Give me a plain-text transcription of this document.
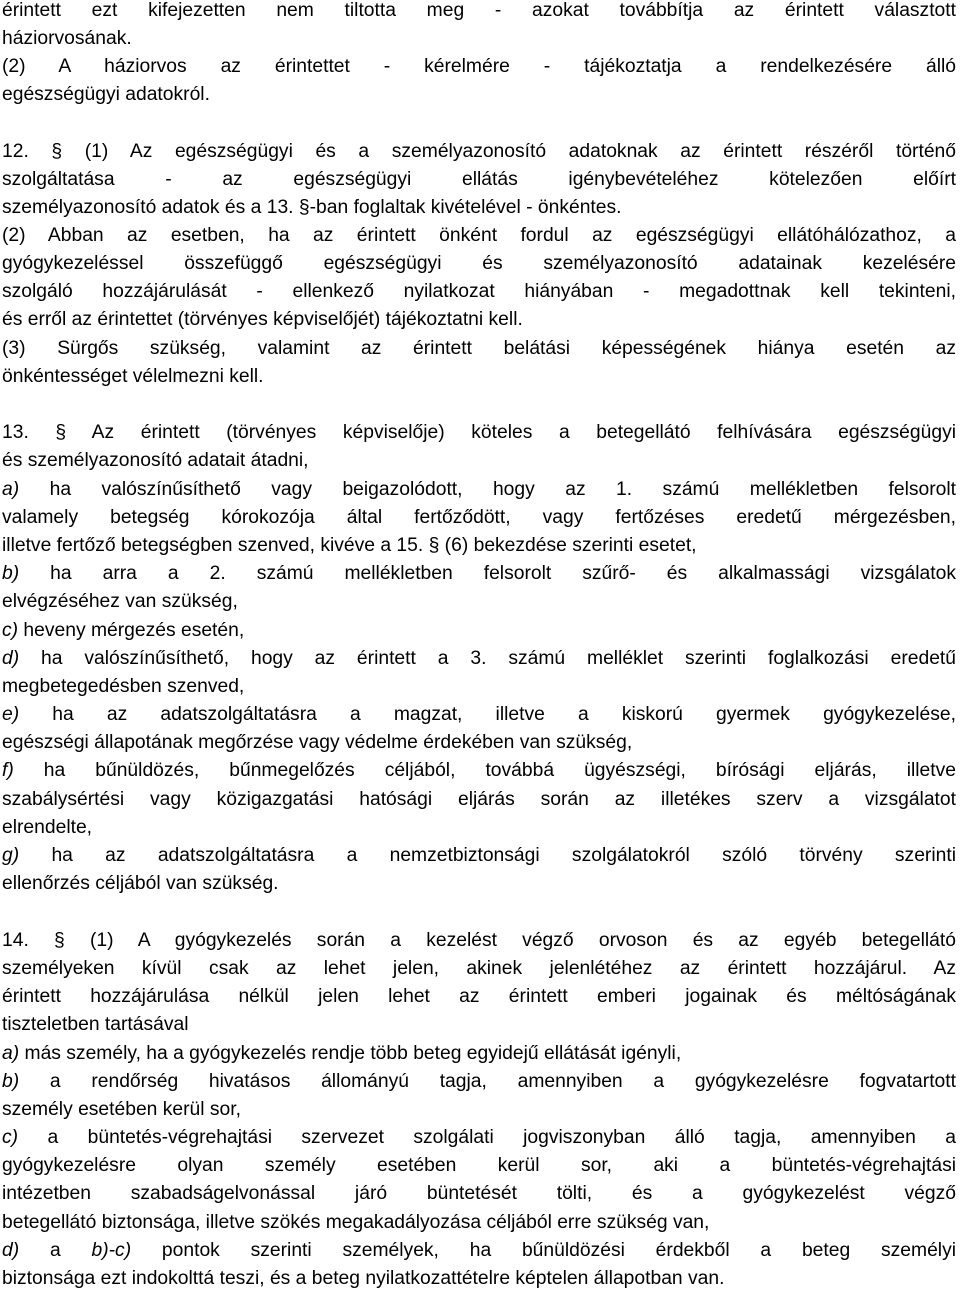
érintett ezt kifejezetten nem tiltotta meg - azokat továbbítja az érintett választott
háziorvosának.
(2) A háziorvos az érintettet - kérelmére - tájékoztatja a rendelkezésére álló
egészségügyi adatokról.
12. § (1) Az egészségügyi és a személyazonosító adatoknak az érintett részéről történő
szolgáltatása - az egészségügyi ellátás igénybevételéhez kötelezően előírt
személyazonosító adatok és a 13. §-ban foglaltak kivételével - önkéntes.
(2) Abban az esetben, ha az érintett önként fordul az egészségügyi ellátóhálózathoz, a
gyógykezeléssel összefüggő egészségügyi és személyazonosító adatainak kezelésére
szolgáló hozzájárulását - ellenkező nyilatkozat hiányában - megadottnak kell tekinteni,
és erről az érintettet (törvényes képviselőjét) tájékoztatni kell.
(3) Sürgős szükség, valamint az érintett belátási képességének hiánya esetén az
önkéntességet vélelmezni kell.
13. § Az érintett (törvényes képviselője) köteles a betegellátó felhívására egészségügyi
és személyazonosító adatait átadni,
a) ha valószínűsíthető vagy beigazolódott, hogy az 1. számú mellékletben felsorolt
valamely betegség kórokozója által fertőződött, vagy fertőzéses eredetű mérgezésben,
illetve fertőző betegségben szenved, kivéve a 15. § (6) bekezdése szerinti esetet,
b) ha arra a 2. számú mellékletben felsorolt szűrő- és alkalmassági vizsgálatok
elvégzéséhez van szükség,
c) heveny mérgezés esetén,
d) ha valószínűsíthető, hogy az érintett a 3. számú melléklet szerinti foglalkozási eredetű
megbetegedésben szenved,
e) ha az adatszolgáltatásra a magzat, illetve a kiskorú gyermek gyógykezelése,
egészségi állapotának megőrzése vagy védelme érdekében van szükség,
f) ha bűnüldözés, bűnmegelőzés céljából, továbbá ügyészségi, bírósági eljárás, illetve
szabálysértési vagy közigazgatási hatósági eljárás során az illetékes szerv a vizsgálatot
elrendelte,
g) ha az adatszolgáltatásra a nemzetbiztonsági szolgálatokról szóló törvény szerinti
ellenőrzés céljából van szükség.
14. § (1) A gyógykezelés során a kezelést végző orvoson és az egyéb betegellátó
személyeken kívül csak az lehet jelen, akinek jelenlétéhez az érintett hozzájárul. Az
érintett hozzájárulása nélkül jelen lehet az érintett emberi jogainak és méltóságának
tiszteletben tartásával
a) más személy, ha a gyógykezelés rendje több beteg egyidejű ellátását igényli,
b) a rendőrség hivatásos állományú tagja, amennyiben a gyógykezelésre fogvatartott
személy esetében kerül sor,
c) a büntetés-végrehajtási szervezet szolgálati jogviszonyban álló tagja, amennyiben a
gyógykezelésre olyan személy esetében kerül sor, aki a büntetés-végrehajtási
intézetben szabadságelvonással járó büntetését tölti, és a gyógykezelést végző
betegellátó biztonsága, illetve szökés megakadályozása céljából erre szükség van,
d) a b)-c) pontok szerinti személyek, ha bűnüldözési érdekből a beteg személyi
biztonsága ezt indokolttá teszi, és a beteg nyilatkozattételre képtelen állapotban van.
